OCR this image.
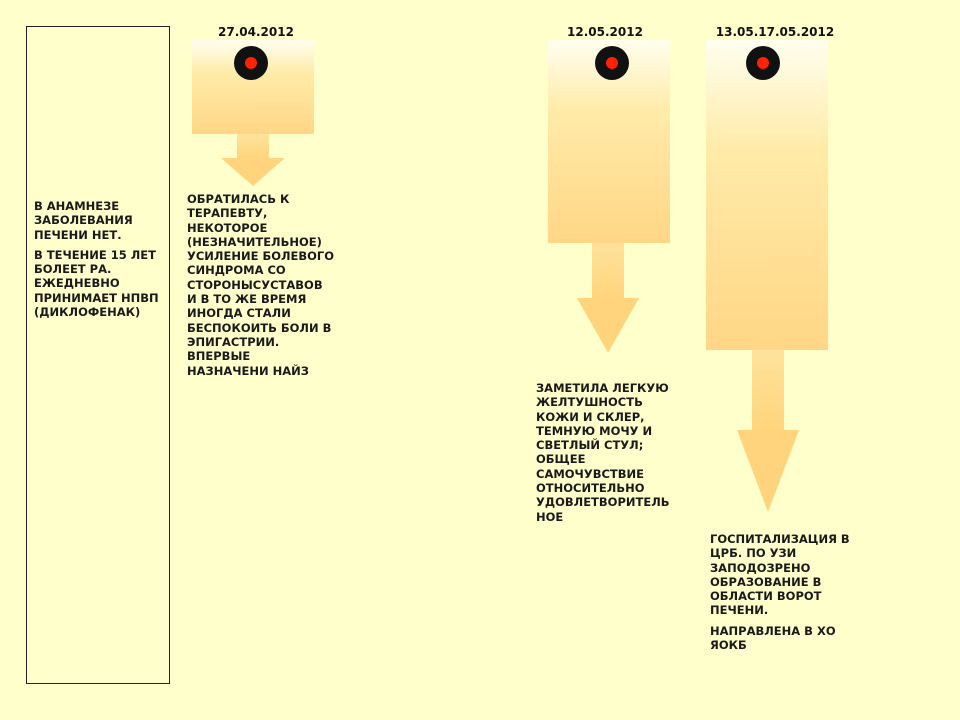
В АНАМНЕЗЕ
ЗАБОЛЕВАНИЯ
ПЕЧЕНИ НЕТ.

В ТЕЧЕНИЕ 15 ЛЕТ
БОЛЕЕТ РА.
ЕЖЕДНЕВНО
ПРИНИМАЕТ НПВП
(ДИКЛОФЕНАК)

27.04.2012

ОБРАТИЛАСЬ К
ТЕРАПЕВТУ,
НЕКОТОРОЕ
(НЕЗНАЧИТЕЛЬНОЕ)
УСИЛЕНИЕ БОЛЕВОГО
СИНДРОМА СО
СТОРОНЫСУСТАВОВ
И В ТО ЖЕ ВРЕМЯ
ИНОГДА СТАЛИ
БЕСПОКОИТЬ БОЛИ В
ЭПИГАСТРИИ.
ВПЕРВЫЕ
НАЗНАЧЕНИ НАЙЗ

12.05.2012

ЗАМЕТИЛА ЛЕГКУЮ
ЖЕЛТУШНОСТЬ
КОЖИ И СКЛЕР,
ТЕМНУЮ МОЧУ И
СВЕТЛЫЙ СТУЛ;
ОБЩЕЕ
САМОЧУВСТВИЕ
ОТНОСИТЕЛЬНО
УДОВЛЕТВОРИТЕЛЬ
НОЕ

13.05.17.05.2012

ГОСПИТАЛИЗАЦИЯ В
ЦРБ. ПО УЗИ
ЗАПОДОЗРЕНО
ОБРАЗОВАНИЕ В
ОБЛАСТИ ВОРОТ
ПЕЧЕНИ.

НАПРАВЛЕНА В ХО
ЯОКБ
